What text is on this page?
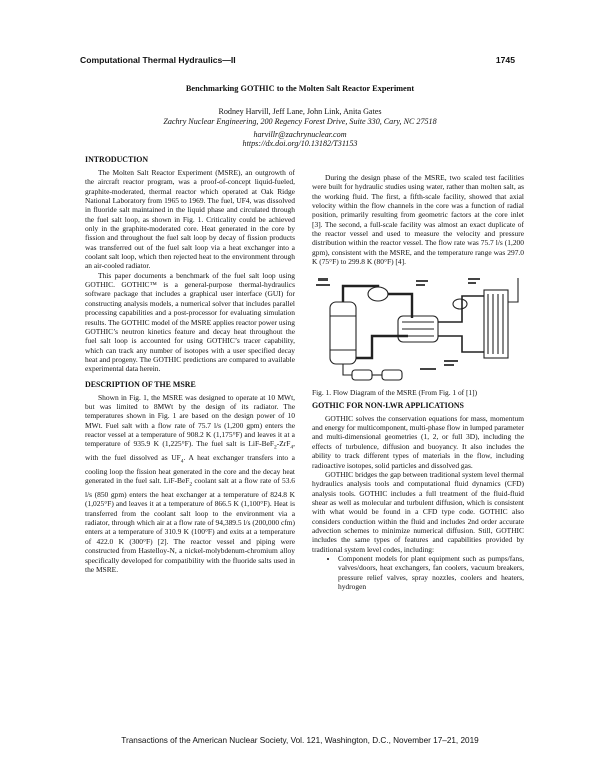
Computational Thermal Hydraulics—II	1745
Benchmarking GOTHIC to the Molten Salt Reactor Experiment
Rodney Harvill, Jeff Lane, John Link, Anita Gates
Zachry Nuclear Engineering, 200 Regency Forest Drive, Suite 330, Cary, NC 27518
harvillr@zachrynuclear.com
https://dx.doi.org/10.13182/T31153
INTRODUCTION

The Molten Salt Reactor Experiment (MSRE), an outgrowth of the aircraft reactor program, was a proof-of-concept liquid-fueled, graphite-moderated, thermal reactor which operated at Oak Ridge National Laboratory from 1965 to 1969. The fuel, UF4, was dissolved in fluoride salt maintained in the liquid phase and circulated through the fuel salt loop, as shown in Fig. 1. Criticality could be achieved only in the graphite-moderated core. Heat generated in the core by fission and throughout the fuel salt loop by decay of fission products was transferred out of the fuel salt loop via a heat exchanger into a coolant salt loop, which then rejected heat to the environment through an air-cooled radiator.

This paper documents a benchmark of the fuel salt loop using GOTHIC. GOTHIC™ is a general-purpose thermal-hydraulics software package that includes a graphical user interface (GUI) for constructing analysis models, a numerical solver that includes parallel processing capabilities and a post-processor for evaluating simulation results. The GOTHIC model of the MSRE applies reactor power using GOTHIC’s neutron kinetics feature and decay heat throughout the fuel salt loop is accounted for using GOTHIC’s tracer capability, which can track any number of isotopes with a user specified decay heat and progeny. The GOTHIC predictions are compared to available experimental data herein.

DESCRIPTION OF THE MSRE

Shown in Fig. 1, the MSRE was designed to operate at 10 MWt, but was limited to 8MWt by the design of its radiator. The temperatures shown in Fig. 1 are based on the design power of 10 MWt. Fuel salt with a flow rate of 75.7 l/s (1,200 gpm) enters the reactor vessel at a temperature of 908.2 K (1,175°F) and leaves it at a temperature of 935.9 K (1,225°F). The fuel salt is LiF-BeF$_2$-ZrF$_4$, with the fuel dissolved as $UF_4$. A heat exchanger transfers into a cooling loop the fission heat generated in the core and the decay heat generated in the fuel salt. LiF-BeF$_2$ coolant salt at a flow rate of 53.6 l/s (850 gpm) enters the heat exchanger at a temperature of 824.8 K (1,025°F) and leaves it at a temperature of 866.5 K (1,100°F). Heat is transferred from the coolant salt loop to the environment via a radiator, through which air at a flow rate of 94,389.5 l/s (200,000 cfm) enters at a temperature of 310.9 K (100°F) and exits at a temperature of 422.0 K (300°F) [2]. The reactor vessel and piping were constructed from Hastelloy-N, a nickel-molybdenum-chromium alloy specifically developed for compatibility with the fluoride salts used in the MSRE.

During the design phase of the MSRE, two scaled test facilities were built for hydraulic studies using water, rather than molten salt, as the working fluid. The first, a fifth-scale facility, showed that axial velocity within the flow channels in the core was a function of radial position, primarily resulting from geometric factors at the core inlet [3]. The second, a full-scale facility was almost an exact duplicate of the reactor vessel and used to measure the velocity and pressure distribution within the reactor vessel. The flow rate was 75.7 l/s (1,200 gpm), consistent with the MSRE, and the temperature range was 297.0 K (75°F) to 299.8 K (80°F) [4].

Fig. 1. Flow Diagram of the MSRE (From Fig. 1 of [1])
GOTHIC FOR NON-LWR APPLICATIONS

GOTHIC solves the conservation equations for mass, momentum and energy for multicomponent, multi-phase flow in lumped parameter and multi-dimensional geometries (1, 2, or full 3D), including the effects of turbulence, diffusion and buoyancy. It also includes the ability to track different types of materials in the flow, including radioactive isotopes, solid particles and dissolved gas.

GOTHIC bridges the gap between traditional system level thermal hydraulics analysis tools and computational fluid dynamics (CFD) analysis tools. GOTHIC includes a full treatment of the fluid-fluid shear as well as molecular and turbulent diffusion, which is consistent with what would be found in a CFD type code. GOTHIC also considers conduction within the fluid and includes 2nd order accurate advection schemes to minimize numerical diffusion. Still, GOTHIC includes the same types of features and capabilities provided by traditional system level codes, including:

• Component models for plant equipment such as pumps/fans, valves/doors, heat exchangers, fan coolers, vacuum breakers, pressure relief valves, spray nozzles, coolers and heaters, hydrogen
Transactions of the American Nuclear Society, Vol. 121, Washington, D.C., November 17–21, 2019
